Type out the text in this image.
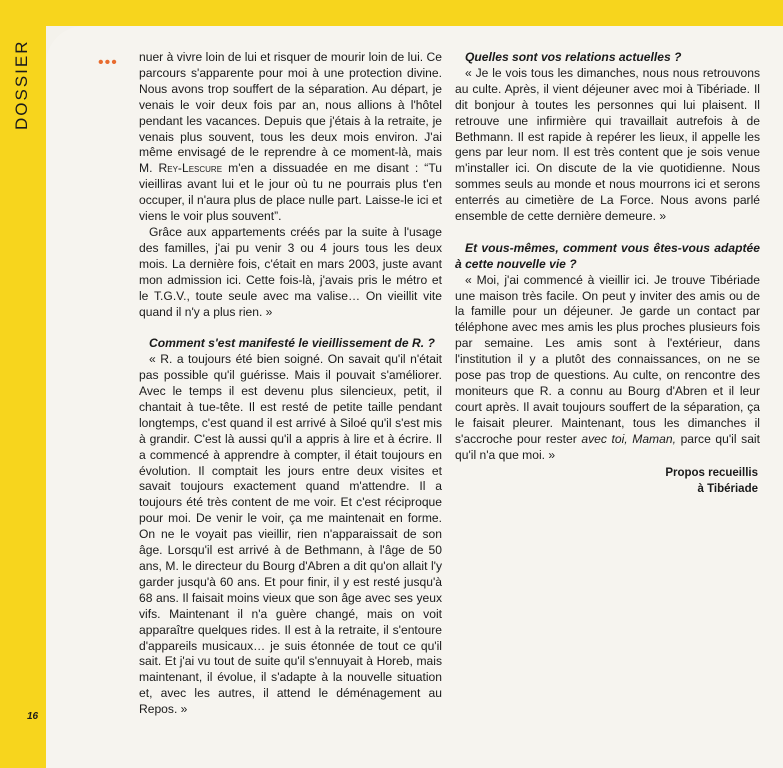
DOSSIER	••• nuer à vivre loin de lui et risquer de mourir loin de lui. Ce parcours s'apparente pour moi à une protection divine. Nous avons trop souffert de la séparation. Au départ, je venais le voir deux fois par an, nous allions à l'hôtel pendant les vacances. Depuis que j'étais à la retraite, je venais plus souvent, tous les deux mois environ. J'ai même envisagé de le reprendre à ce moment-là, mais M. Rey-Lescure m'en a dissuadée en me disant : “Tu vieilliras avant lui et le jour où tu ne pourrais plus t'en occuper, il n'aura plus de place nulle part. Laisse-le ici et viens le voir plus souvent”.

Grâce aux appartements créés par la suite à l'usage des familles, j'ai pu venir 3 ou 4 jours tous les deux mois. La dernière fois, c'était en mars 2003, juste avant mon admission ici. Cette fois-là, j'avais pris le métro et le T.G.V., toute seule avec ma valise… On vieillit vite quand il n'y a plus rien. »

Comment s'est manifesté le vieillissement de R. ?

« R. a toujours été bien soigné. On savait qu'il n'était pas possible qu'il guérisse. Mais il pouvait s'améliorer. Avec le temps il est devenu plus silencieux, petit, il chantait à tue-tête. Il est resté de petite taille pendant longtemps, c'est quand il est arrivé à Siloé qu'il s'est mis à grandir. C'est là aussi qu'il a appris à lire et à écrire. Il a commencé à apprendre à compter, il était toujours en évolution. Il comptait les jours entre deux visites et savait toujours exactement quand m'attendre. Il a toujours été très content de me voir. Et c'est réciproque pour moi. De venir le voir, ça me maintenait en forme. On ne le voyait pas vieillir, rien n'apparaissait de son âge. Lorsqu'il est arrivé à de Bethmann, à l'âge de 50 ans, M. le directeur du Bourg d'Abren a dit qu'on allait l'y garder jusqu'à 60 ans. Et pour finir, il y est resté jusqu'à 68 ans. Il faisait moins vieux que son âge avec ses yeux vifs. Maintenant il n'a guère changé, mais on voit apparaître quelques rides. Il est à la retraite, il s'entoure d'appareils musicaux… je suis étonnée de tout ce qu'il sait. Et j'ai vu tout de suite qu'il s'ennuyait à Horeb, mais maintenant, il évolue, il s'adapte à la nouvelle situation et, avec les autres, il attend le déménagement au Repos. »

Quelles sont vos relations actuelles ?

« Je le vois tous les dimanches, nous nous retrouvons au culte. Après, il vient déjeuner avec moi à Tibériade. Il dit bonjour à toutes les personnes qui lui plaisent. Il retrouve une infirmière qui travaillait autrefois à de Bethmann. Il est rapide à repérer les lieux, il appelle les gens par leur nom. Il est très content que je sois venue m'installer ici. On discute de la vie quotidienne. Nous sommes seuls au monde et nous mourrons ici et serons enterrés au cimetière de La Force. Nous avons parlé ensemble de cette dernière demeure. »

Et vous-mêmes, comment vous êtes-vous adaptée à cette nouvelle vie ?

« Moi, j'ai commencé à vieillir ici. Je trouve Tibériade une maison très facile. On peut y inviter des amis ou de la famille pour un déjeuner. Je garde un contact par téléphone avec mes amis les plus proches plusieurs fois par semaine. Les amis sont à l'extérieur, dans l'institution il y a plutôt des connaissances, on ne se pose pas trop de questions. Au culte, on rencontre des moniteurs que R. a connu au Bourg d'Abren et il leur court après. Il avait toujours souffert de la séparation, ça le faisait pleurer. Maintenant, tous les dimanches il s'accroche pour rester avec toi, Maman, parce qu'il sait qu'il n'a que moi. »

Propos recueillis
à Tibériade
16
